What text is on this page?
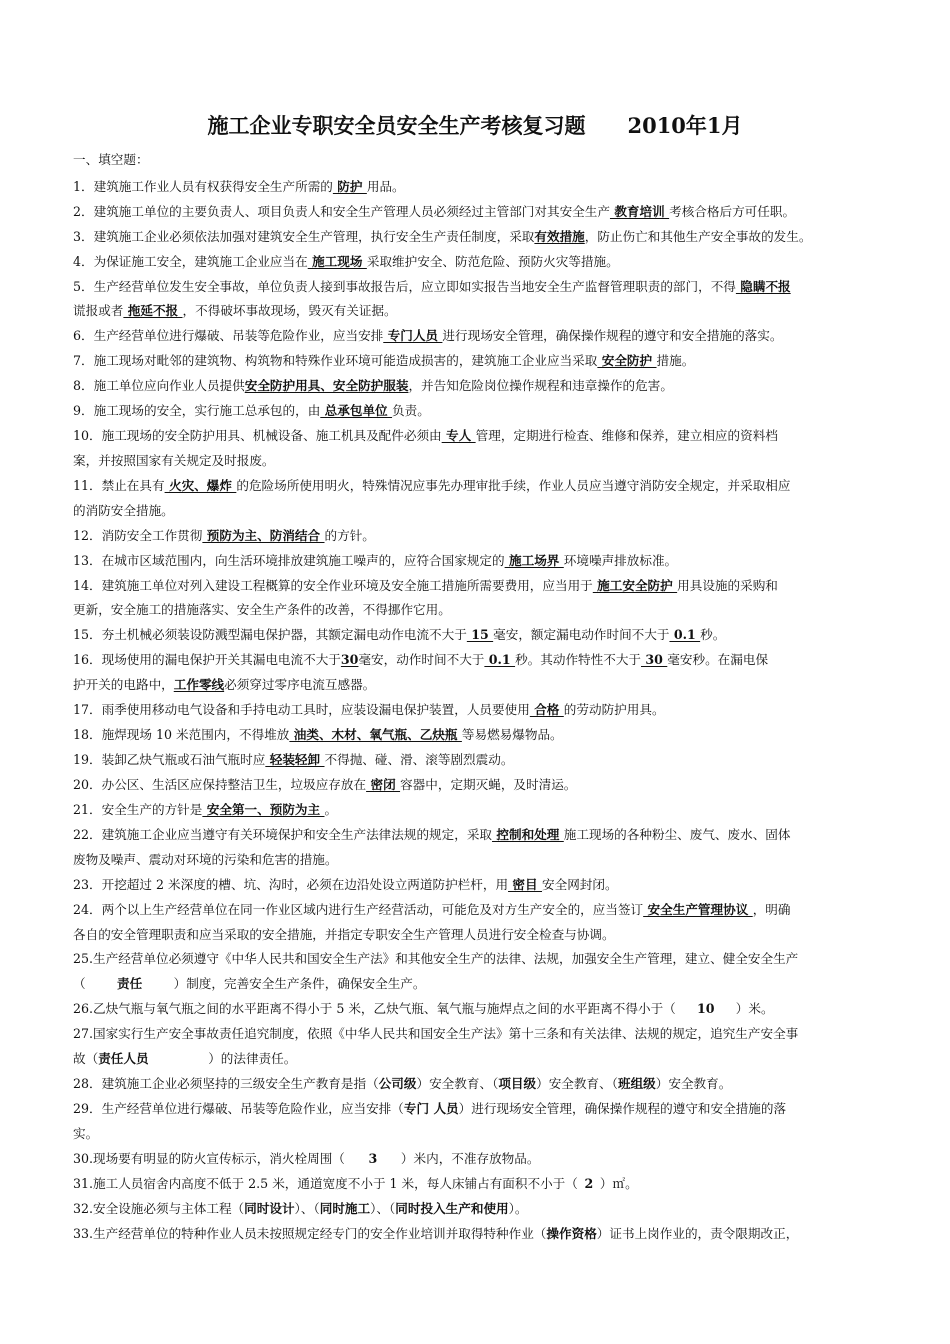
施工企业专职安全员安全生产考核复习题 2010年1月
一、填空题：
1．建筑施工作业人员有权获得安全生产所需的 防护 用品。
2．建筑施工单位的主要负责人、项目负责人和安全生产管理人员必须经过主管部门对其安全生产 教育培训 考核合格后方可任职。
3．建筑施工企业必须依法加强对建筑安全生产管理，执行安全生产责任制度，采取有效措施，防止伤亡和其他生产安全事故的发生。
4．为保证施工安全，建筑施工企业应当在 施工现场 采取维护安全、防范危险、预防火灾等措施。
5．生产经营单位发生安全事故，单位负责人接到事故报告后，应立即如实报告当地安全生产监督管理职责的部门，不得 隐瞒不报
谎报或者 拖延不报 ，不得破坏事故现场，毁灭有关证据。
6．生产经营单位进行爆破、吊装等危险作业，应当安排 专门人员 进行现场安全管理，确保操作规程的遵守和安全措施的落实。
7．施工现场对毗邻的建筑物、构筑物和特殊作业环境可能造成损害的，建筑施工企业应当采取 安全防护 措施。
8．施工单位应向作业人员提供安全防护用具、安全防护服装，并告知危险岗位操作规程和违章操作的危害。
9．施工现场的安全，实行施工总承包的，由 总承包单位 负责。
10．施工现场的安全防护用具、机械设备、施工机具及配件必须由 专人 管理，定期进行检查、维修和保养，建立相应的资料档
案，并按照国家有关规定及时报废。
11．禁止在具有 火灾、爆炸 的危险场所使用明火，特殊情况应事先办理审批手续，作业人员应当遵守消防安全规定，并采取相应
的消防安全措施。
12．消防安全工作贯彻 预防为主、防消结合 的方针。
13．在城市区域范围内，向生活环境排放建筑施工噪声的，应符合国家规定的 施工场界 环境噪声排放标准。
14．建筑施工单位对列入建设工程概算的安全作业环境及安全施工措施所需要费用，应当用于 施工安全防护 用具设施的采购和
更新，安全施工的措施落实、安全生产条件的改善，不得挪作它用。
15．夯土机械必须装设防溅型漏电保护器，其额定漏电动作电流不大于 15 毫安，额定漏电动作时间不大于 0.1 秒。
16．现场使用的漏电保护开关其漏电电流不大于30毫安，动作时间不大于 0.1 秒。其动作特性不大于 30 毫安秒。在漏电保
护开关的电路中，工作零线必须穿过零序电流互感器。
17．雨季使用移动电气设备和手持电动工具时，应装设漏电保护装置，人员要使用 合格 的劳动防护用具。
18．施焊现场 10 米范围内，不得堆放 油类、木材、氧气瓶、乙炔瓶 等易燃易爆物品。
19．装卸乙炔气瓶或石油气瓶时应 轻装轻卸 不得抛、碰、滑、滚等剧烈震动。
20．办公区、生活区应保持整洁卫生，垃圾应存放在 密闭 容器中，定期灭蝇，及时清运。
21．安全生产的方针是 安全第一、预防为主 。
22．建筑施工企业应当遵守有关环境保护和安全生产法律法规的规定，采取 控制和处理 施工现场的各种粉尘、废气、废水、固体
废物及噪声、震动对环境的污染和危害的措施。
23．开挖超过 2 米深度的槽、坑、沟时，必须在边沿处设立两道防护栏杆，用 密目 安全网封闭。
24．两个以上生产经营单位在同一作业区域内进行生产经营活动，可能危及对方生产安全的，应当签订 安全生产管理协议 ，明确
各自的安全管理职责和应当采取的安全措施，并指定专职安全生产管理人员进行安全检查与协调。
25.生产经营单位必须遵守《中华人民共和国安全生产法》和其他安全生产的法律、法规，加强安全生产管理，建立、健全安全生产
（责任）制度，完善安全生产条件，确保安全生产。
26.乙炔气瓶与氧气瓶之间的水平距离不得小于 5 米，乙炔气瓶、氧气瓶与施焊点之间的水平距离不得小于（10）米。
27.国家实行生产安全事故责任追究制度，依照《中华人民共和国安全生产法》第十三条和有关法律、法规的规定，追究生产安全事
故（责任人员	）的法律责任。
28．建筑施工企业必须坚持的三级安全生产教育是指（公司级）安全教育、（项目级）安全教育、（班组级）安全教育。
29．生产经营单位进行爆破、吊装等危险作业，应当安排（专门 人员）进行现场安全管理，确保操作规程的遵守和安全措施的落
实。
30.现场要有明显的防火宣传标示，消火栓周围（3）米内，不准存放物品。
31.施工人员宿舍内高度不低于 2.5 米，通道宽度不小于 1 米，每人床铺占有面积不小于（ 2 ）㎡。
32.安全设施必须与主体工程（同时设计）、（同时施工）、（同时投入生产和使用）。
33.生产经营单位的特种作业人员未按照规定经专门的安全作业培训并取得特种作业（操作资格）证书上岗作业的，责令限期改正，
